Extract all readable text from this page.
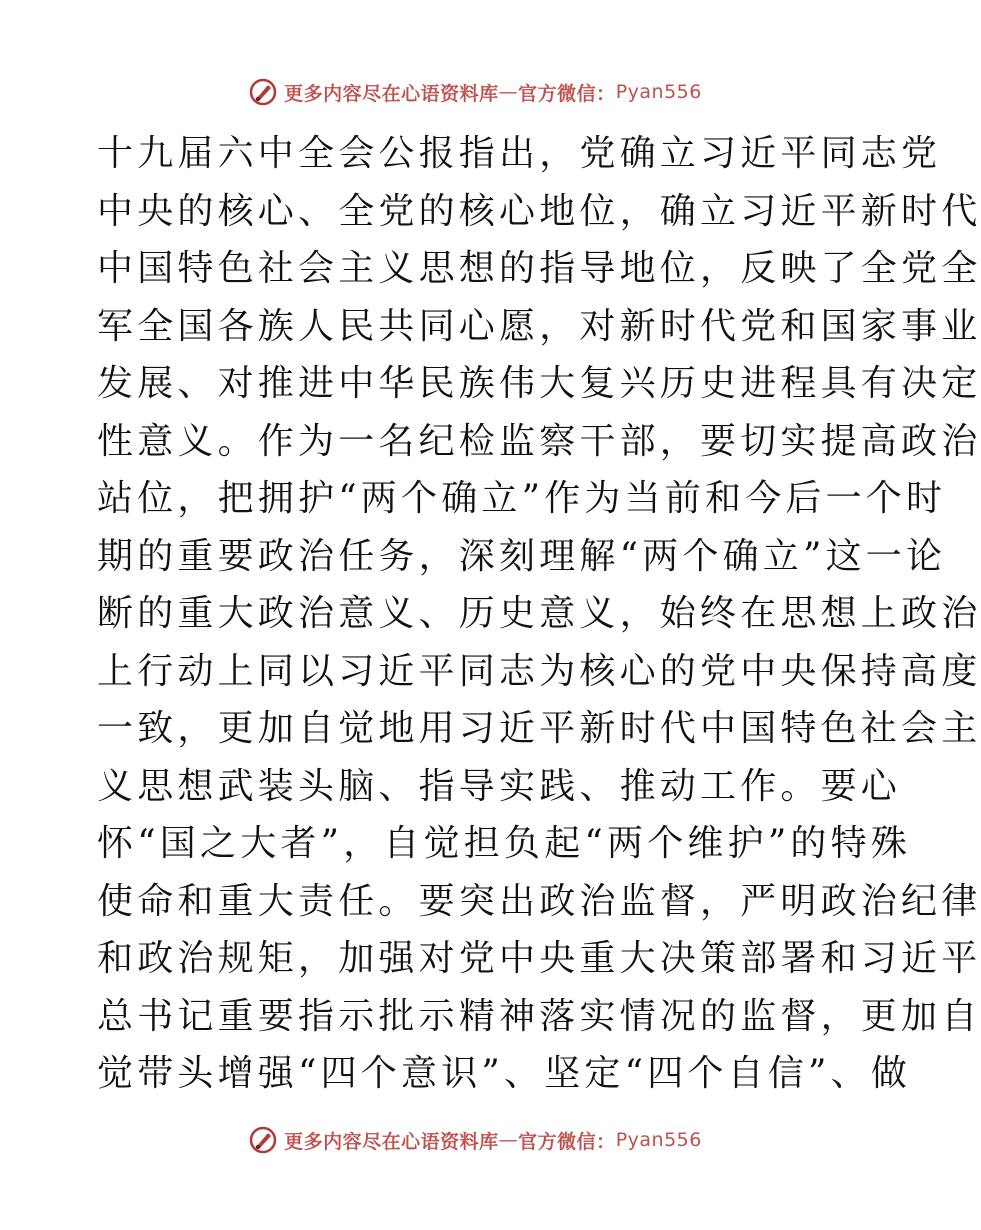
更多内容尽在心语资料库 — 官方微信： Pyan556
十九届六中全会公报指出，党确立习近平同志党
中央的核心、全党的核心地位，确立习近平新时代
中国特色社会主义思想的指导地位，反映了全党全
军全国各族人民共同心愿，对新时代党和国家事业
发展、对推进中华民族伟大复兴历史进程具有决定
性意义。作为一名纪检监察干部，要切实提高政治
站位，把拥护“两个确立”作为当前和今后一个时
期的重要政治任务，深刻理解“两个确立”这一论
断的重大政治意义、历史意义，始终在思想上政治
上行动上同以习近平同志为核心的党中央保持高度
一致，更加自觉地用习近平新时代中国特色社会主
义思想武装头脑、指导实践、推动工作。要心
怀“国之大者”，自觉担负起“两个维护”的特殊
使命和重大责任。要突出政治监督，严明政治纪律
和政治规矩，加强对党中央重大决策部署和习近平
总书记重要指示批示精神落实情况的监督，更加自
觉带头增强“四个意识”、坚定“四个自信”、做
更多内容尽在心语资料库 — 官方微信： Pyan556
